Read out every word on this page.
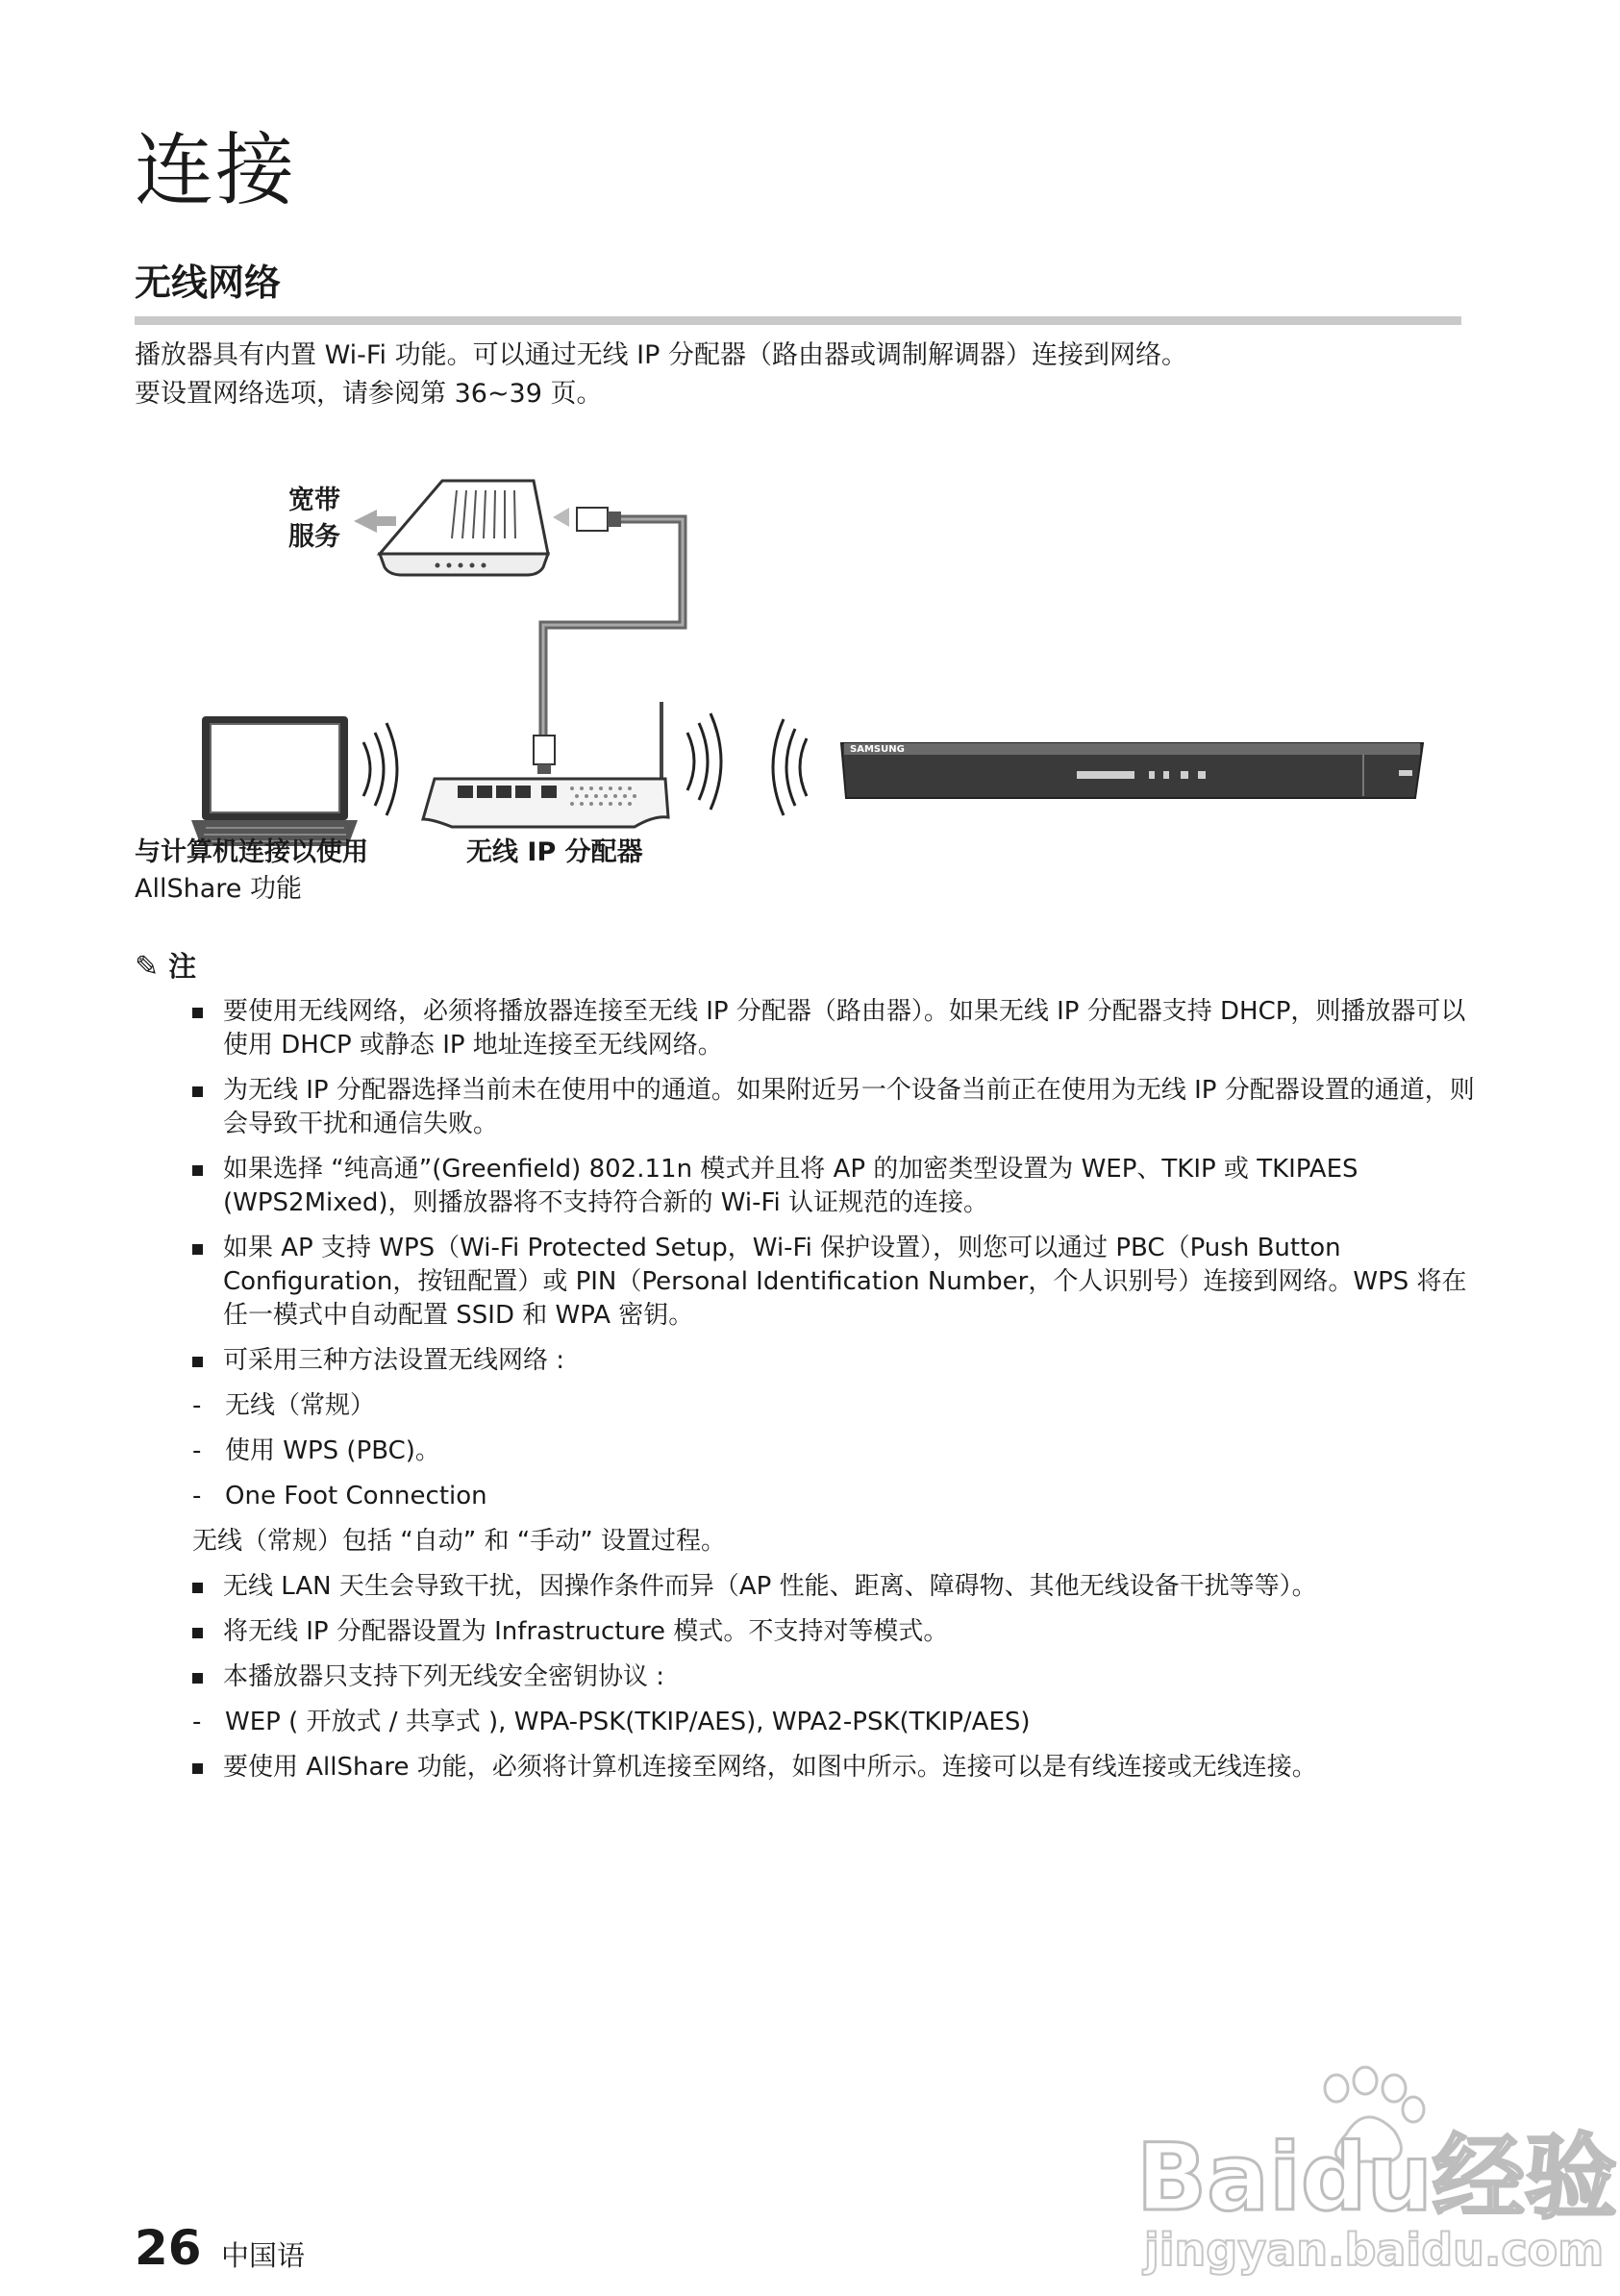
连接
无线网络
播放器具有内置 Wi-Fi 功能。可以通过无线 IP 分配器（路由器或调制解调器）连接到网络。
要设置网络选项，请参阅第 36~39 页。
SAMSUNG
宽带
服务
与计算机连接以使用
AllShare 功能
无线 IP 分配器
✎ 注
要使用无线网络，必须将播放器连接至无线 IP 分配器（路由器）。如果无线 IP 分配器支持 DHCP，则播放器可以使用 DHCP 或静态 IP 地址连接至无线网络。
为无线 IP 分配器选择当前未在使用中的通道。如果附近另一个设备当前正在使用为无线 IP 分配器设置的通道，则会导致干扰和通信失败。
如果选择 “纯高通”(Greenfield) 802.11n 模式并且将 AP 的加密类型设置为 WEP、TKIP 或 TKIPAES (WPS2Mixed)，则播放器将不支持符合新的 Wi-Fi 认证规范的连接。
如果 AP 支持 WPS（Wi-Fi Protected Setup，Wi-Fi 保护设置），则您可以通过 PBC（Push Button Configuration，按钮配置）或 PIN（Personal Identification Number，个人识别号）连接到网络。WPS 将在任一模式中自动配置 SSID 和 WPA 密钥。
可采用三种方法设置无线网络 :
- 无线（常规）
- 使用 WPS (PBC)。
- One Foot Connection
无线（常规）包括 “自动” 和 “手动” 设置过程。
无线 LAN 天生会导致干扰，因操作条件而异（AP 性能、距离、障碍物、其他无线设备干扰等等）。
将无线 IP 分配器设置为 Infrastructure 模式。不支持对等模式。
本播放器只支持下列无线安全密钥协议 :
- WEP ( 开放式 / 共享式 ), WPA-PSK(TKIP/AES), WPA2-PSK(TKIP/AES)
要使用 AllShare 功能，必须将计算机连接至网络，如图中所示。连接可以是有线连接或无线连接。
26 中国语
Baidu经验
jingyan.baidu.com
